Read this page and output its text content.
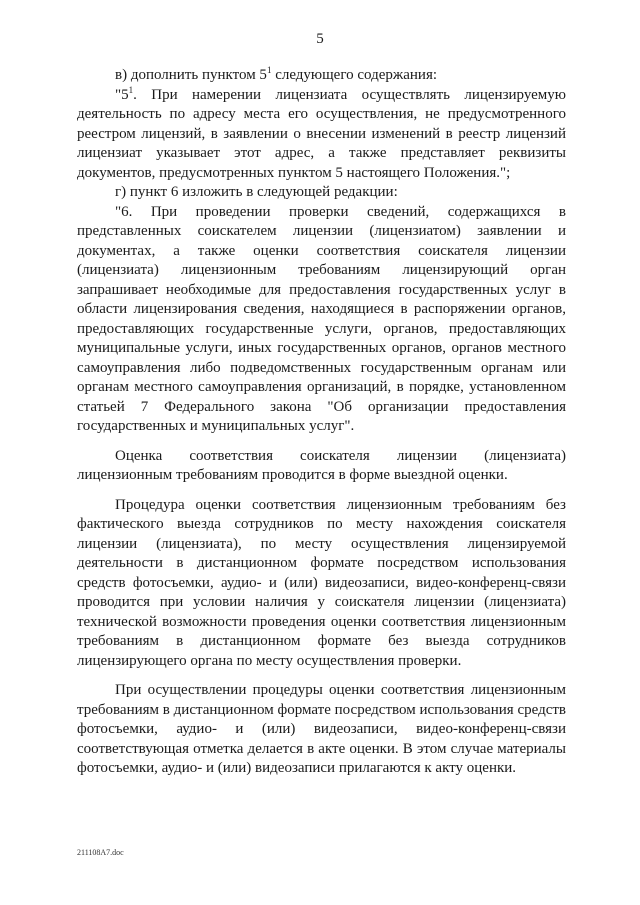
5

в) дополнить пунктом $5^1$ следующего содержания:

"$5^1$. При намерении лицензиата осуществлять лицензируемую деятельность по адресу места его осуществления, не предусмотренного реестром лицензий, в заявлении о внесении изменений в реестр лицензий лицензиат указывает этот адрес, а также представляет реквизиты документов, предусмотренных пунктом 5 настоящего Положения.";

г) пункт 6 изложить в следующей редакции:

"6. При проведении проверки сведений, содержащихся в представленных соискателем лицензии (лицензиатом) заявлении и документах, а также оценки соответствия соискателя лицензии (лицензиата) лицензионным требованиям лицензирующий орган запрашивает необходимые для предоставления государственных услуг в области лицензирования сведения, находящиеся в распоряжении органов, предоставляющих государственные услуги, органов, предоставляющих муниципальные услуги, иных государственных органов, органов местного самоуправления либо подведомственных государственным органам или органам местного самоуправления организаций, в порядке, установленном статьей 7 Федерального закона "Об организации предоставления государственных и муниципальных услуг".

Оценка соответствия соискателя лицензии (лицензиата) лицензионным требованиям проводится в форме выездной оценки.

Процедура оценки соответствия лицензионным требованиям без фактического выезда сотрудников по месту нахождения соискателя лицензии (лицензиата), по месту осуществления лицензируемой деятельности в дистанционном формате посредством использования средств фотосъемки, аудио- и (или) видеозаписи, видео-конференц-связи проводится при условии наличия у соискателя лицензии (лицензиата) технической возможности проведения оценки соответствия лицензионным требованиям в дистанционном формате без выезда сотрудников лицензирующего органа по месту осуществления проверки.

При осуществлении процедуры оценки соответствия лицензионным требованиям в дистанционном формате посредством использования средств фотосъемки, аудио- и (или) видеозаписи, видео-конференц-связи соответствующая отметка делается в акте оценки. В этом случае материалы фотосъемки, аудио- и (или) видеозаписи прилагаются к акту оценки.

211108А7.doc
